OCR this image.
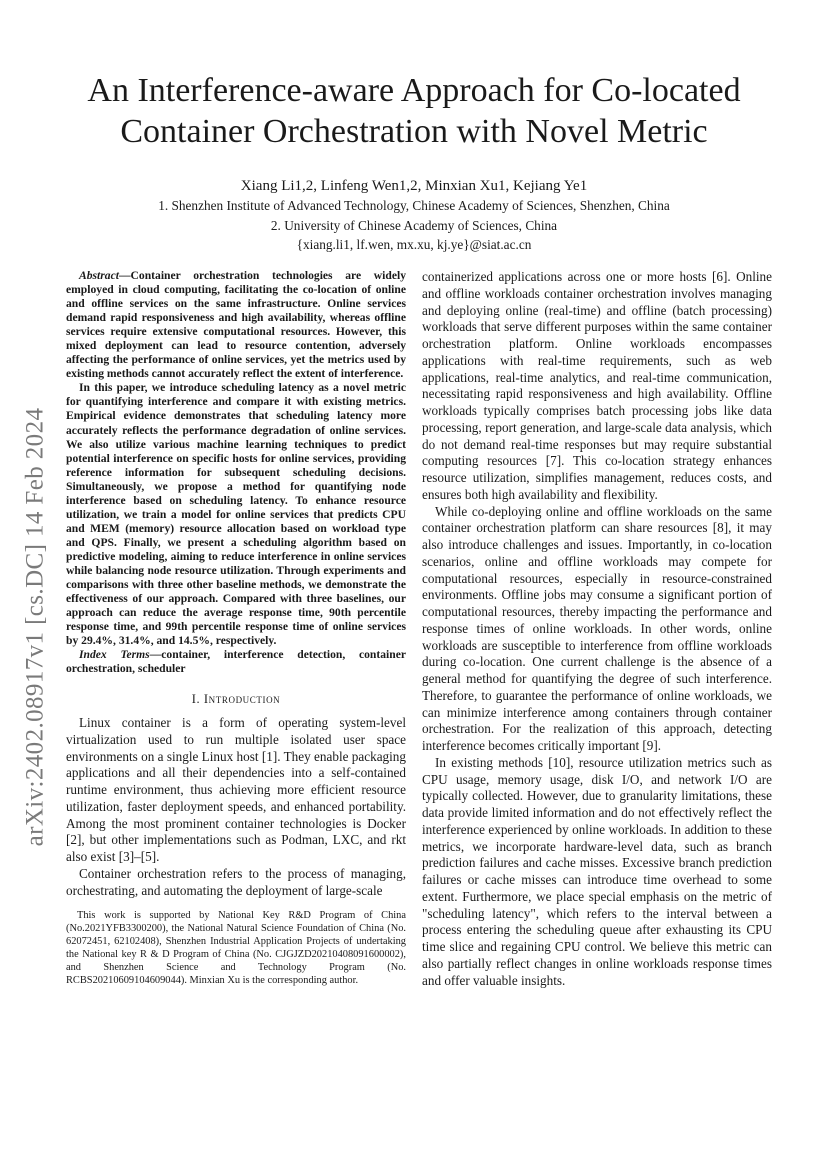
arXiv:2402.08917v1 [cs.DC] 14 Feb 2024
An Interference-aware Approach for Co-located
Container Orchestration with Novel Metric
Xiang Li1,2, Linfeng Wen1,2, Minxian Xu1, Kejiang Ye1

1. Shenzhen Institute of Advanced Technology, Chinese Academy of Sciences, Shenzhen, China

2. University of Chinese Academy of Sciences, China

{xiang.li1, lf.wen, mx.xu, kj.ye}@siat.ac.cn

Abstract—Container orchestration technologies are widely employed in cloud computing, facilitating the co-location of online and offline services on the same infrastructure. Online services demand rapid responsiveness and high availability, whereas offline services require extensive computational resources. However, this mixed deployment can lead to resource contention, adversely affecting the performance of online services, yet the metrics used by existing methods cannot accurately reflect the extent of interference.

In this paper, we introduce scheduling latency as a novel metric for quantifying interference and compare it with existing metrics. Empirical evidence demonstrates that scheduling latency more accurately reflects the performance degradation of online services. We also utilize various machine learning techniques to predict potential interference on specific hosts for online services, providing reference information for subsequent scheduling decisions. Simultaneously, we propose a method for quantifying node interference based on scheduling latency. To enhance resource utilization, we train a model for online services that predicts CPU and MEM (memory) resource allocation based on workload type and QPS. Finally, we present a scheduling algorithm based on predictive modeling, aiming to reduce interference in online services while balancing node resource utilization. Through experiments and comparisons with three other baseline methods, we demonstrate the effectiveness of our approach. Compared with three baselines, our approach can reduce the average response time, 90th percentile response time, and 99th percentile response time of online services by 29.4%, 31.4%, and 14.5%, respectively.

Index Terms—container, interference detection, container orchestration, scheduler

I. Introduction

Linux container is a form of operating system-level virtualization used to run multiple isolated user space environments on a single Linux host [1]. They enable packaging applications and all their dependencies into a self-contained runtime environment, thus achieving more efficient resource utilization, faster deployment speeds, and enhanced portability. Among the most prominent container technologies is Docker [2], but other implementations such as Podman, LXC, and rkt also exist [3]–[5].

Container orchestration refers to the process of managing, orchestrating, and automating the deployment of large-scale

This work is supported by National Key R&D Program of China (No.2021YFB3300200), the National Natural Science Foundation of China (No. 62072451, 62102408), Shenzhen Industrial Application Projects of undertaking the National key R & D Program of China (No. CJGJZD20210408091600002), and Shenzhen Science and Technology Program (No. RCBS20210609104609044). Minxian Xu is the corresponding author.

containerized applications across one or more hosts [6]. Online and offline workloads container orchestration involves managing and deploying online (real-time) and offline (batch processing) workloads that serve different purposes within the same container orchestration platform. Online workloads encompasses applications with real-time requirements, such as web applications, real-time analytics, and real-time communication, necessitating rapid responsiveness and high availability. Offline workloads typically comprises batch processing jobs like data processing, report generation, and large-scale data analysis, which do not demand real-time responses but may require substantial computing resources [7]. This co-location strategy enhances resource utilization, simplifies management, reduces costs, and ensures both high availability and flexibility.

While co-deploying online and offline workloads on the same container orchestration platform can share resources [8], it may also introduce challenges and issues. Importantly, in co-location scenarios, online and offline workloads may compete for computational resources, especially in resource-constrained environments. Offline jobs may consume a significant portion of computational resources, thereby impacting the performance and response times of online workloads. In other words, online workloads are susceptible to interference from offline workloads during co-location. One current challenge is the absence of a general method for quantifying the degree of such interference. Therefore, to guarantee the performance of online workloads, we can minimize interference among containers through container orchestration. For the realization of this approach, detecting interference becomes critically important [9].

In existing methods [10], resource utilization metrics such as CPU usage, memory usage, disk I/O, and network I/O are typically collected. However, due to granularity limitations, these data provide limited information and do not effectively reflect the interference experienced by online workloads. In addition to these metrics, we incorporate hardware-level data, such as branch prediction failures and cache misses. Excessive branch prediction failures or cache misses can introduce time overhead to some extent. Furthermore, we place special emphasis on the metric of "scheduling latency", which refers to the interval between a process entering the scheduling queue after exhausting its CPU time slice and regaining CPU control. We believe this metric can also partially reflect changes in online workloads response times and offer valuable insights.
